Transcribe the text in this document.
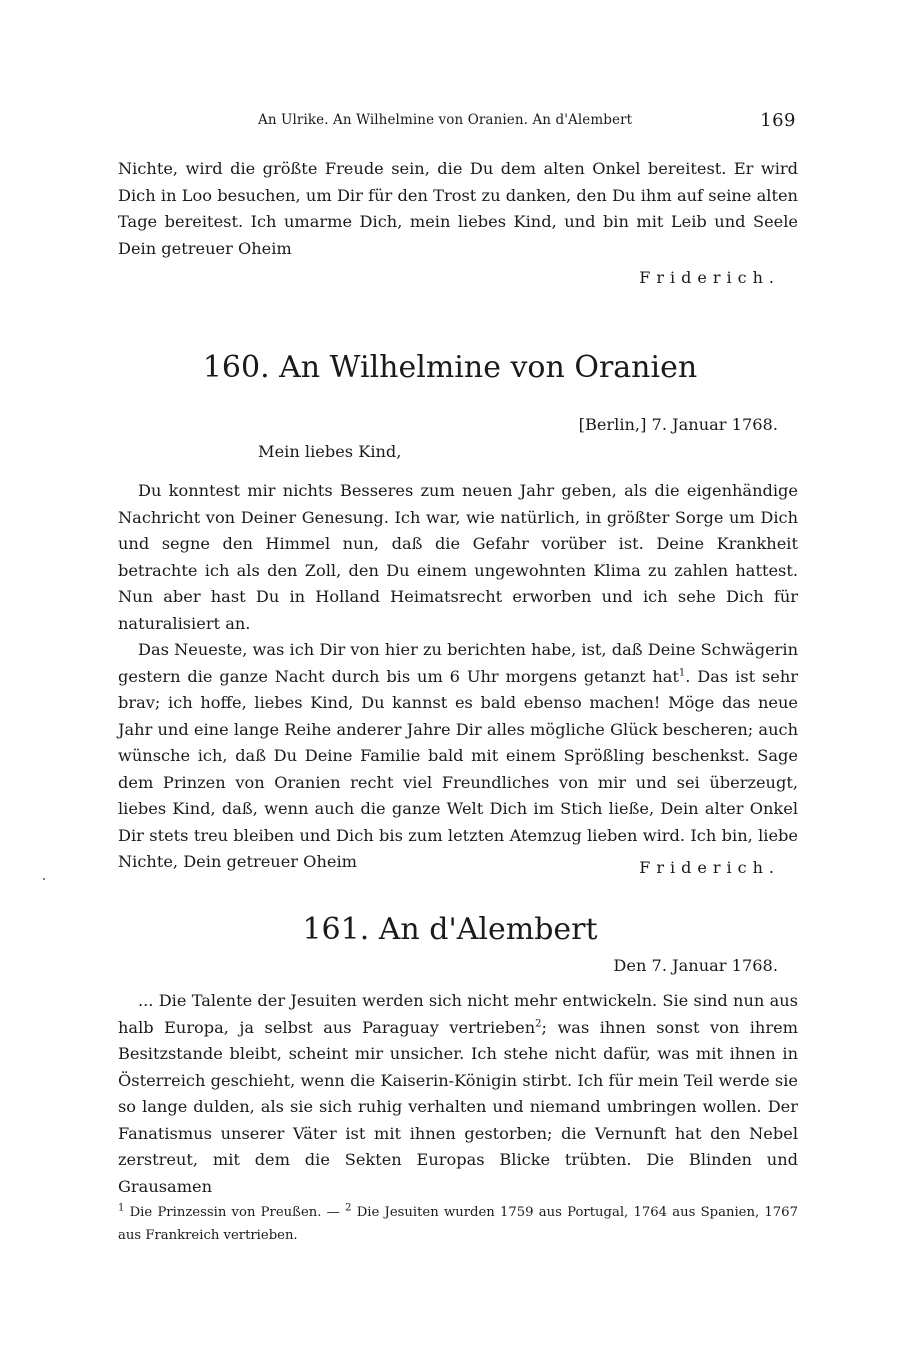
An Ulrike. An Wilhelmine von Oranien. An d'Alembert	169

Nichte, wird die größte Freude sein, die Du dem alten Onkel bereitest. Er wird Dich in Loo besuchen, um Dir für den Trost zu danken, den Du ihm auf seine alten Tage bereitest. Ich umarme Dich, mein liebes Kind, und bin mit Leib und Seele Dein getreuer Oheim

Friderich.
160. An Wilhelmine von Oranien
[Berlin,] 7. Januar 1768.
Mein liebes Kind,

Du konntest mir nichts Besseres zum neuen Jahr geben, als die eigenhändige Nachricht von Deiner Genesung. Ich war, wie natürlich, in größter Sorge um Dich und segne den Himmel nun, daß die Gefahr vorüber ist. Deine Krankheit betrachte ich als den Zoll, den Du einem ungewohnten Klima zu zahlen hattest. Nun aber hast Du in Holland Heimatsrecht erworben und ich sehe Dich für naturalisiert an.

Das Neueste, was ich Dir von hier zu berichten habe, ist, daß Deine Schwägerin gestern die ganze Nacht durch bis um 6 Uhr morgens getanzt hat$^1$. Das ist sehr brav; ich hoffe, liebes Kind, Du kannst es bald ebenso machen! Möge das neue Jahr und eine lange Reihe anderer Jahre Dir alles mögliche Glück bescheren; auch wünsche ich, daß Du Deine Familie bald mit einem Sprößling beschenkst. Sage dem Prinzen von Oranien recht viel Freundliches von mir und sei überzeugt, liebes Kind, daß, wenn auch die ganze Welt Dich im Stich ließe, Dein alter Onkel Dir stets treu bleiben und Dich bis zum letzten Atemzug lieben wird. Ich bin, liebe Nichte, Dein getreuer Oheim	Friderich.
161. An d'Alembert
Den 7. Januar 1768.

... Die Talente der Jesuiten werden sich nicht mehr entwickeln. Sie sind nun aus halb Europa, ja selbst aus Paraguay vertrieben$^2$; was ihnen sonst von ihrem Besitzstande bleibt, scheint mir unsicher. Ich stehe nicht dafür, was mit ihnen in Österreich geschieht, wenn die Kaiserin-Königin stirbt. Ich für mein Teil werde sie so lange dulden, als sie sich ruhig verhalten und niemand umbringen wollen. Der Fanatismus unserer Väter ist mit ihnen gestorben; die Vernunft hat den Nebel zerstreut, mit dem die Sekten Europas Blicke trübten. Die Blinden und Grausamen

$^1$ Die Prinzessin von Preußen. — $^2$ Die Jesuiten wurden 1759 aus Portugal, 1764 aus Spanien, 1767 aus Frankreich vertrieben.
